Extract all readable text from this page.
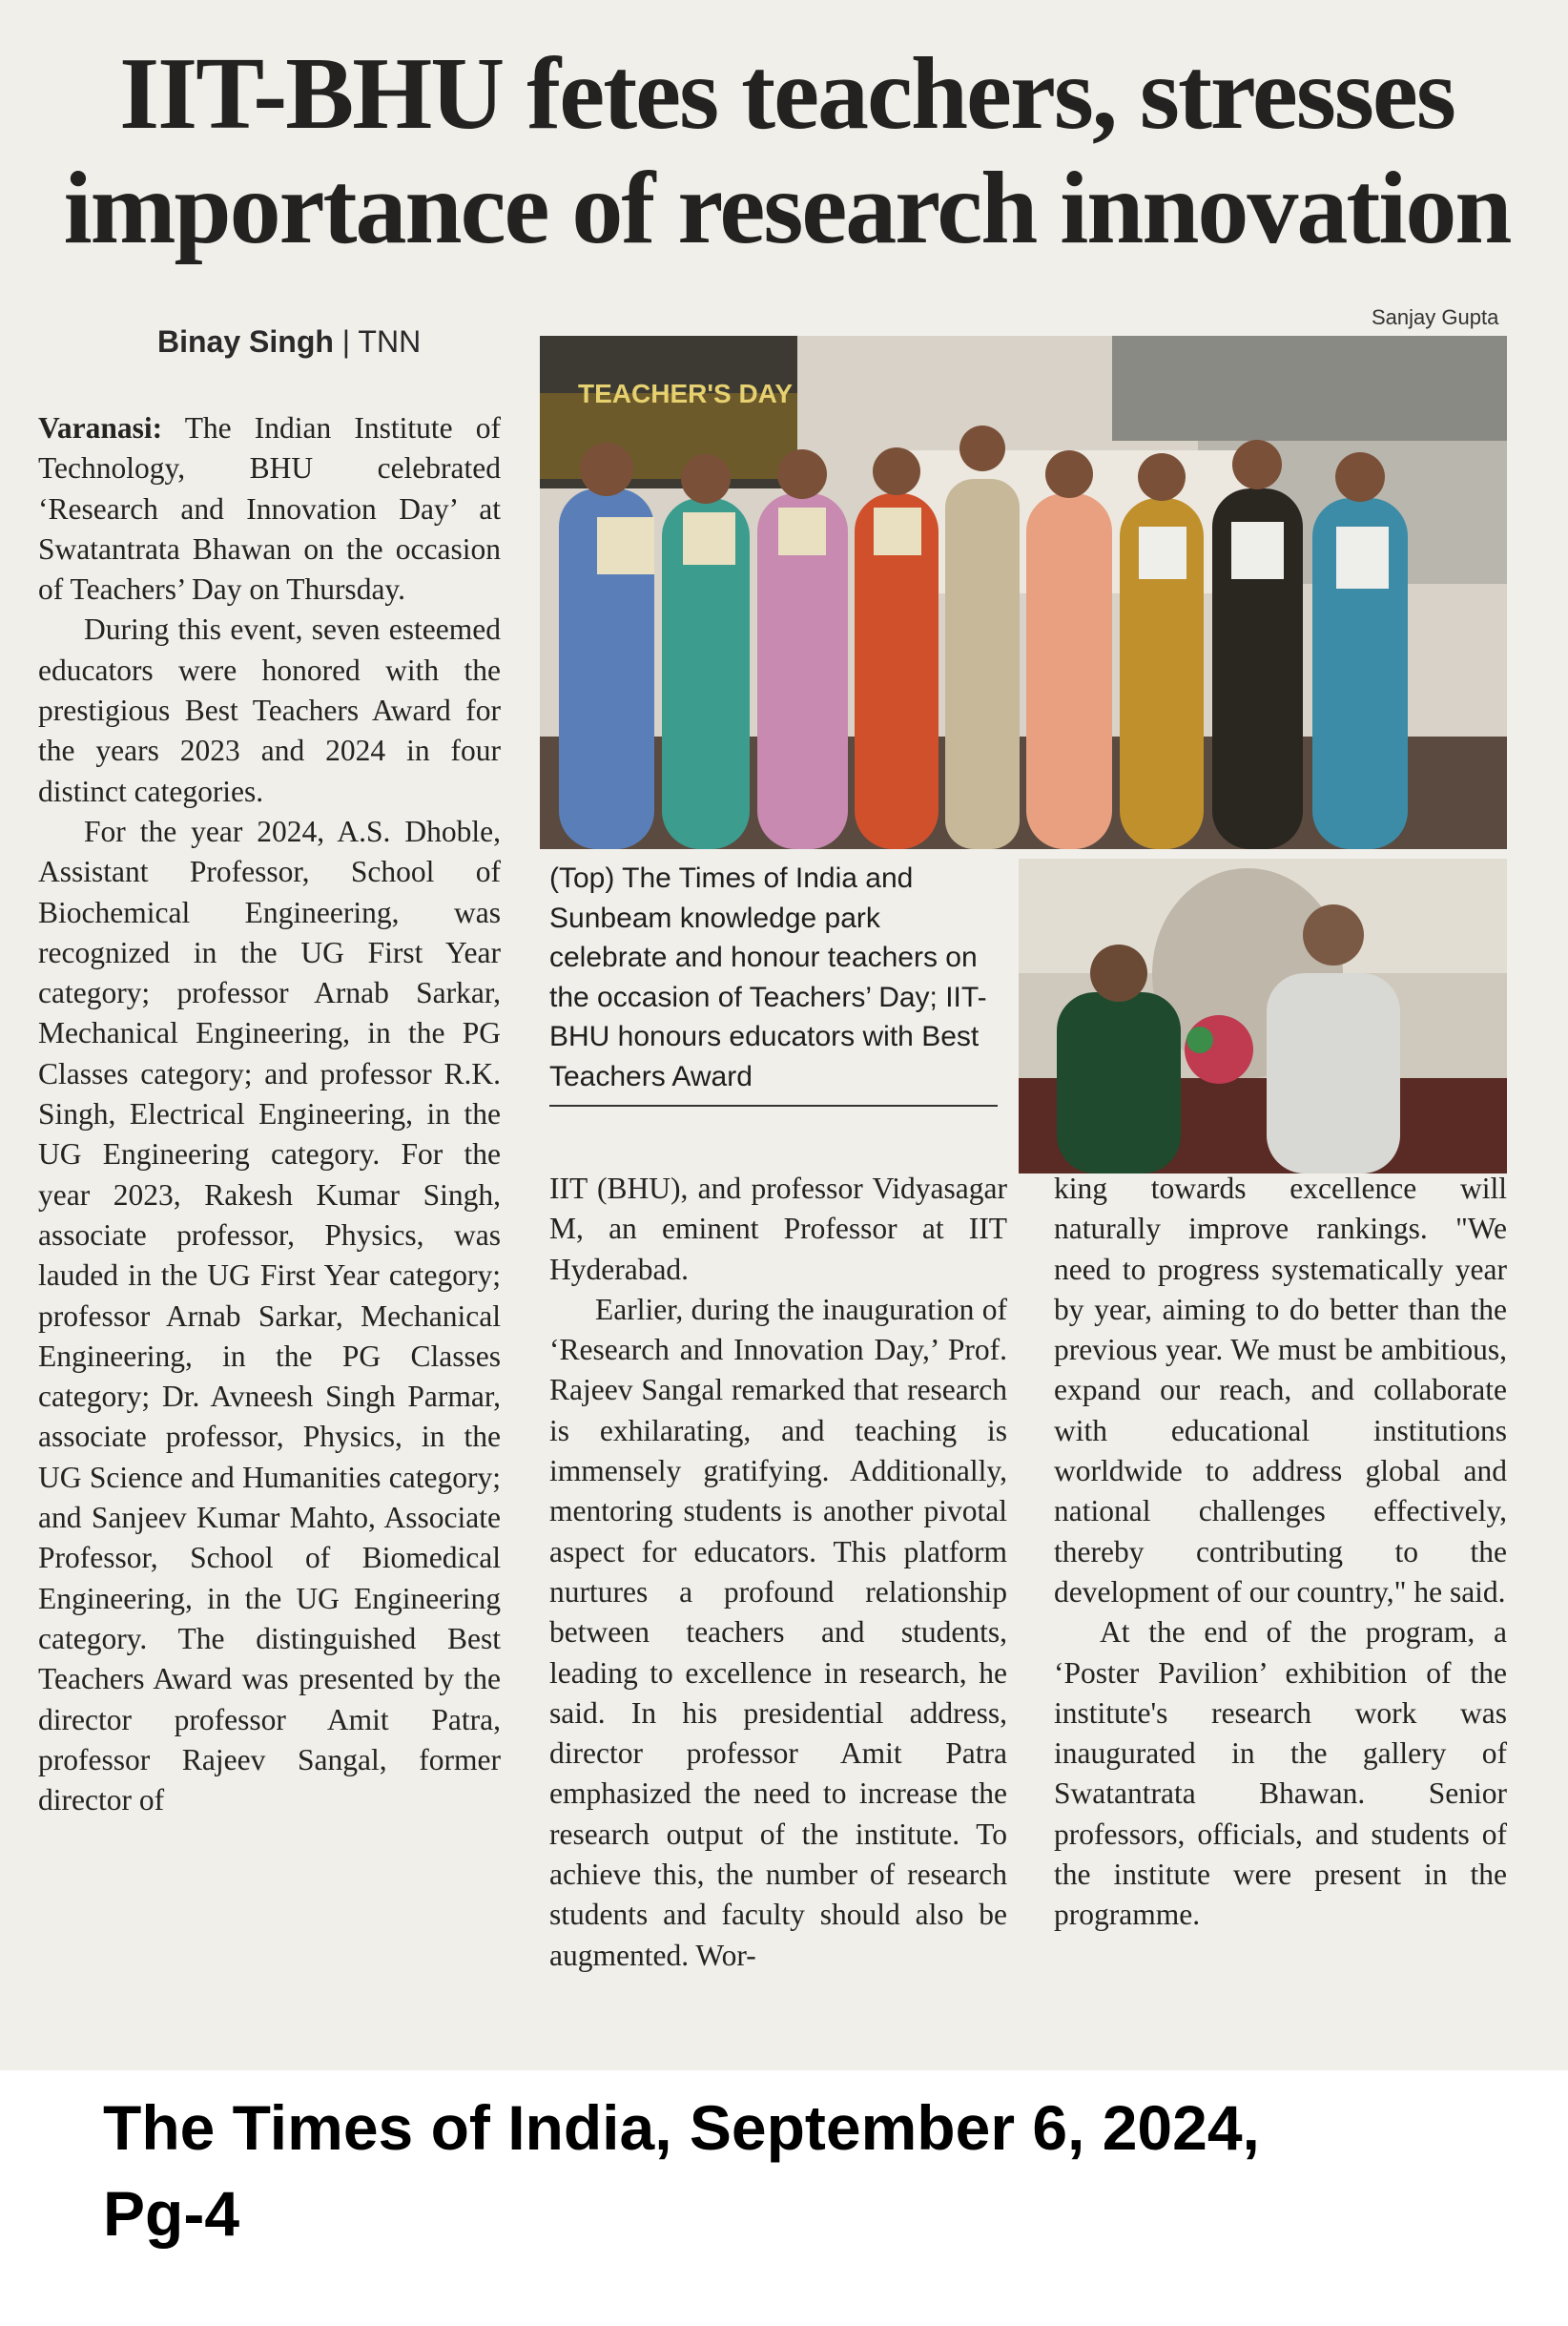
IIT-BHU fetes teachers, stresses
importance of research innovation
Binay Singh | TNN
Sanjay Gupta
TEACHER'S DAY
(Top) The Times of India and Sunbeam knowledge park celebrate and honour teachers on the occasion of Teachers’ Day; IIT-BHU honours educators with Best Teachers Award

Varanasi: The Indian Institute of Technology, BHU celebrated ‘Research and Innovation Day’ at Swatantrata Bhawan on the occasion of Teachers’ Day on Thursday.

During this event, seven esteemed educators were honored with the prestigious Best Teachers Award for the years 2023 and 2024 in four distinct categories.

For the year 2024, A.S. Dhoble, Assistant Professor, School of Biochemical Engineering, was recognized in the UG First Year category; professor Arnab Sarkar, Mechanical Engineering, in the PG Classes category; and professor R.K. Singh, Electrical Engineering, in the UG Engineering category. For the year 2023, Rakesh Kumar Singh, associate professor, Physics, was lauded in the UG First Year category; professor Arnab Sarkar, Mechanical Engineering, in the PG Classes category; Dr. Avneesh Singh Parmar, associate professor, Physics, in the UG Science and Humanities category; and Sanjeev Kumar Mahto, Associate Professor, School of Biomedical Engineering, in the UG Engineering category. The distinguished Best Teachers Award was presented by the director professor Amit Patra, professor Rajeev Sangal, former director of

IIT (BHU), and professor Vidyasagar M, an eminent Professor at IIT Hyderabad.

Earlier, during the inauguration of ‘Research and Innovation Day,’ Prof. Rajeev Sangal remarked that research is exhilarating, and teaching is immensely gratifying. Additionally, mentoring students is another pivotal aspect for educators. This platform nurtures a profound relationship between teachers and students, leading to excellence in research, he said. In his presidential address, director professor Amit Patra emphasized the need to increase the research output of the institute. To achieve this, the number of research students and faculty should also be augmented. Wor-

king towards excellence will naturally improve rankings. "We need to progress systematically year by year, aiming to do better than the previous year. We must be ambitious, expand our reach, and collaborate with educational institutions worldwide to address global and national challenges effectively, thereby contributing to the development of our country," he said.

At the end of the program, a ‘Poster Pavilion’ exhibition of the institute's research work was inaugurated in the gallery of Swatantrata Bhawan. Senior professors, officials, and students of the institute were present in the programme.

The Times of India, September 6, 2024,
Pg-4
